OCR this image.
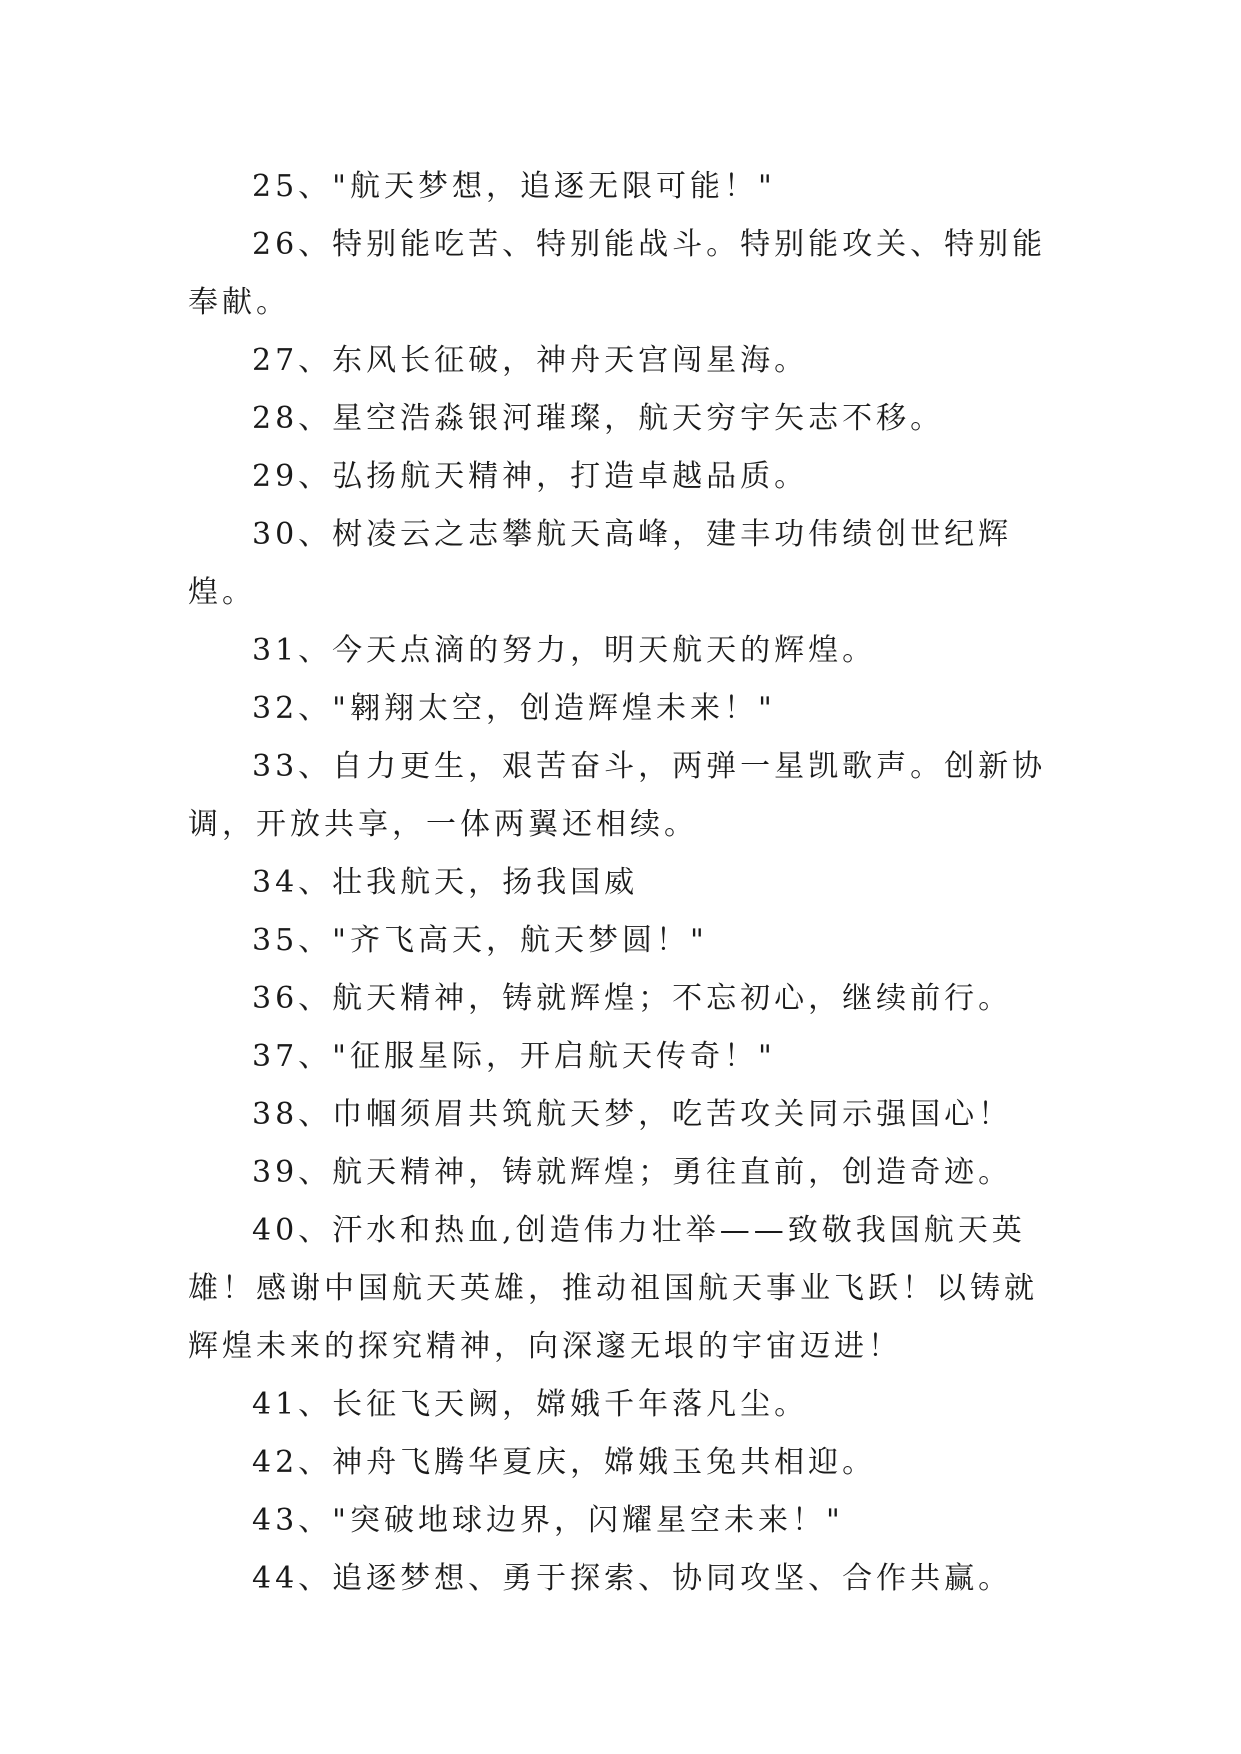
25、"航天梦想，追逐无限可能！"

26、特别能吃苦、特别能战斗。特别能攻关、特别能奉献。

27、东风长征破，神舟天宫闯星海。

28、星空浩淼银河璀璨，航天穷宇矢志不移。

29、弘扬航天精神，打造卓越品质。

30、树凌云之志攀航天高峰，建丰功伟绩创世纪辉煌。

31、今天点滴的努力，明天航天的辉煌。

32、"翱翔太空，创造辉煌未来！"

33、自力更生，艰苦奋斗，两弹一星凯歌声。创新协调，开放共享，一体两翼还相续。

34、壮我航天，扬我国威

35、"齐飞高天，航天梦圆！"

36、航天精神，铸就辉煌；不忘初心，继续前行。

37、"征服星际，开启航天传奇！"

38、巾帼须眉共筑航天梦，吃苦攻关同示强国心！

39、航天精神，铸就辉煌；勇往直前，创造奇迹。

40、汗水和热血,创造伟力壮举——致敬我国航天英雄！感谢中国航天英雄，推动祖国航天事业飞跃！以铸就辉煌未来的探究精神，向深邃无垠的宇宙迈进！

41、长征飞天阙，嫦娥千年落凡尘。

42、神舟飞腾华夏庆，嫦娥玉兔共相迎。

43、"突破地球边界，闪耀星空未来！"

44、追逐梦想、勇于探索、协同攻坚、合作共赢。
